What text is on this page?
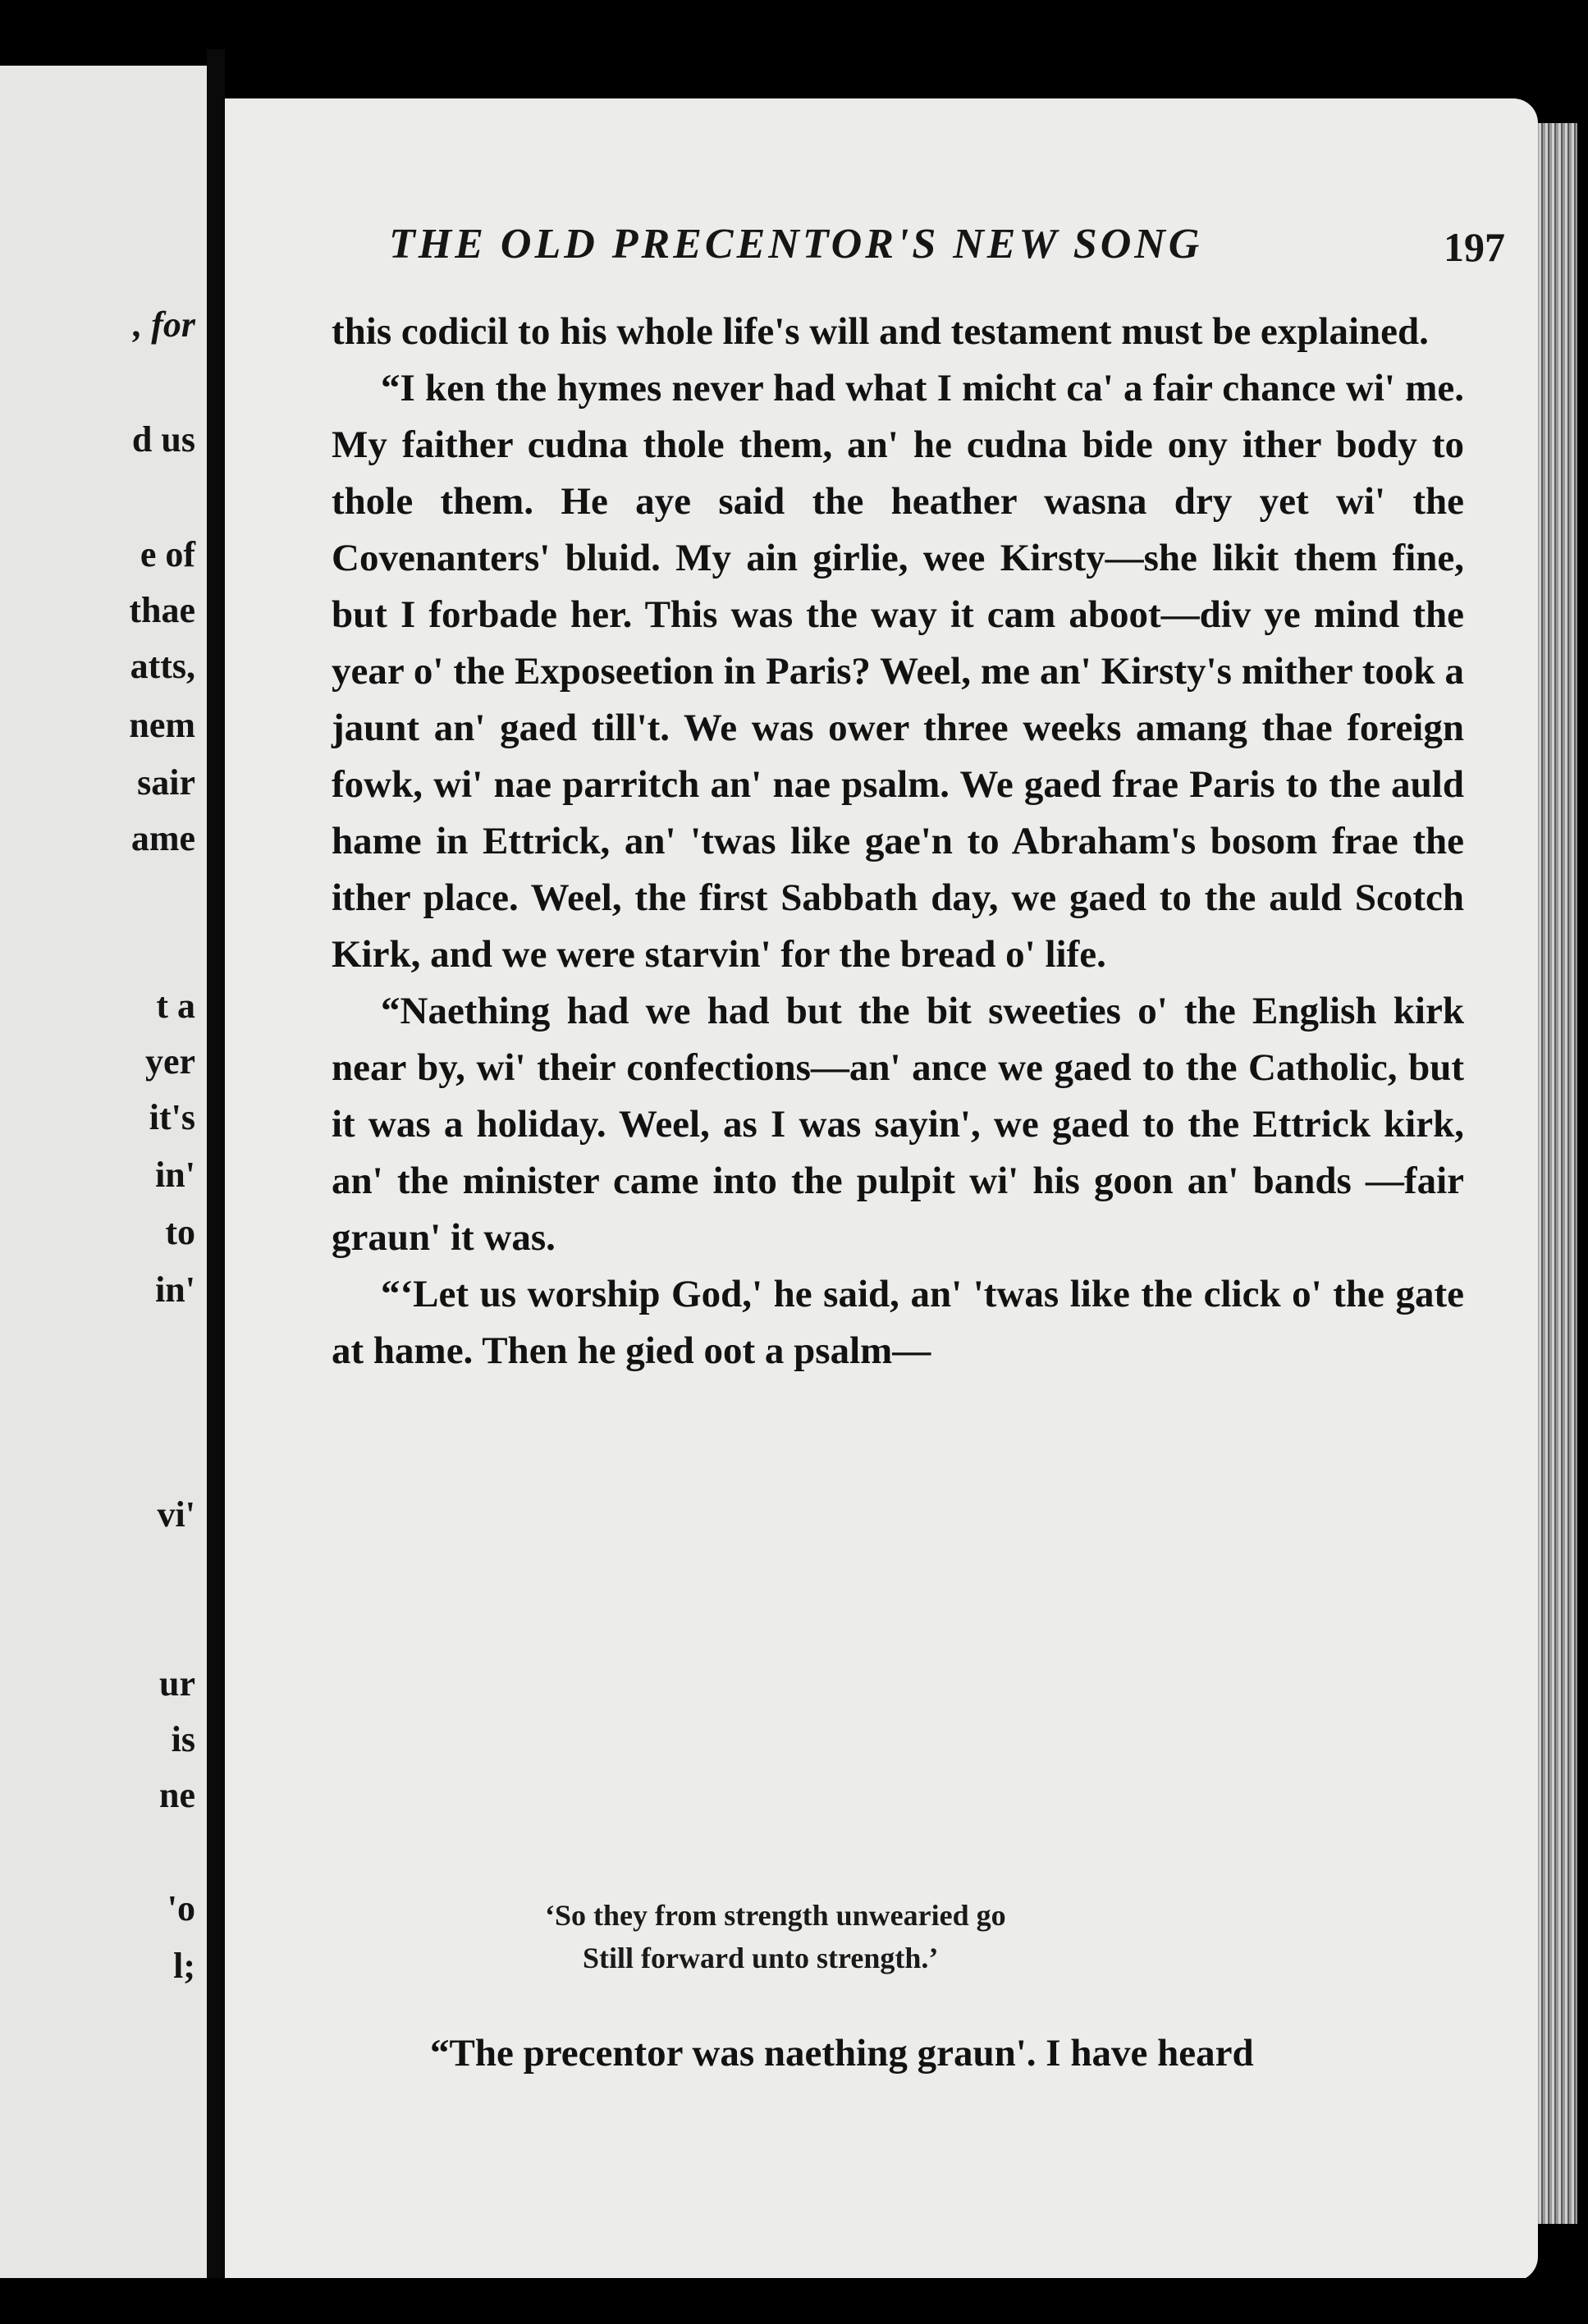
, for
d us
e of
thae
atts,
nem
sair
ame
t a
yer
it's
in'
to
in'
vi'
ur
is
ne
'o
l;
THE OLD PRECENTOR'S NEW SONG	197

this codicil to his whole life's will and testament must be explained.

“I ken the hymes never had what I micht ca' a fair chance wi' me. My faither cudna thole them, an' he cudna bide ony ither body to thole them. He aye said the heather wasna dry yet wi' the Covenanters' bluid. My ain girlie, wee Kirsty—she likit them fine, but I forbade her. This was the way it cam aboot—div ye mind the year o' the Exposeetion in Paris? Weel, me an' Kirsty's mither took a jaunt an' gaed till't. We was ower three weeks amang thae foreign fowk, wi' nae parritch an' nae psalm. We gaed frae Paris to the auld hame in Ettrick, an' 'twas like gae'n to Abraham's bosom frae the ither place. Weel, the first Sabbath day, we gaed to the auld Scotch Kirk, and we were starvin' for the bread o' life.

“Naething had we had but the bit sweeties o' the English kirk near by, wi' their confections—an' ance we gaed to the Catholic, but it was a holiday. Weel, as I was sayin', we gaed to the Ettrick kirk, an' the minister came into the pulpit wi' his goon an' bands —fair graun' it was.

“‘Let us worship God,' he said, an' 'twas like the click o' the gate at hame. Then he gied oot a psalm—

‘So they from strength unwearied go
Still forward unto strength.’
“The precentor was naething graun'. I have heard
